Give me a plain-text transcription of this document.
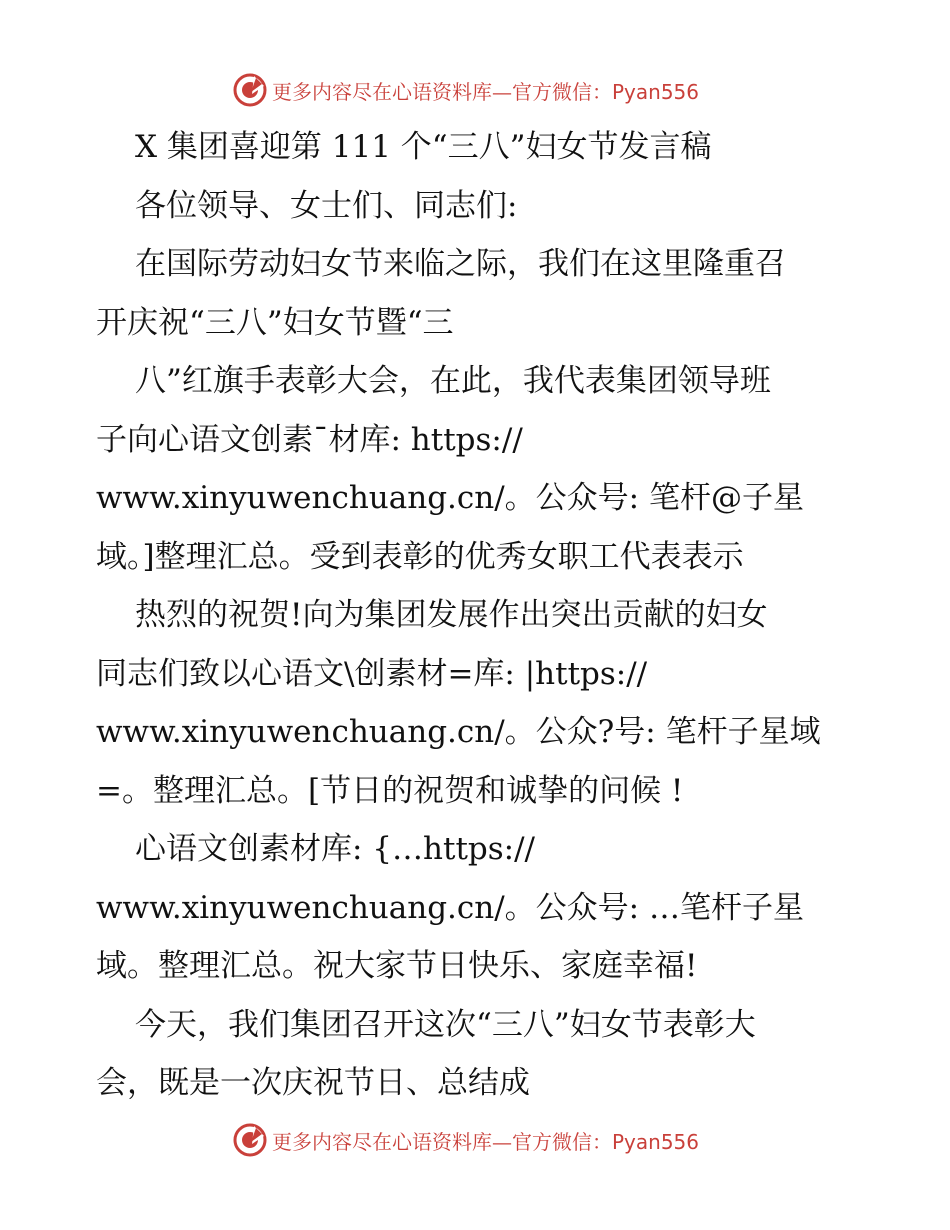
更多内容尽在心语资料库—官方微信：Pyan556
X 集团喜迎第 111 个“三八”妇女节发言稿
各位领导、女士们、同志们:
在国际劳动妇女节来临之际，我们在这里隆重召
开庆祝“三八”妇女节暨“三
八”红旗手表彰大会，在此，我代表集团领导班
子向心语文创素¯材库: https://
www.xinyuwenchuang.cn/。公众号: 笔杆@子星
域。]整理汇总。受到表彰的优秀女职工代表表示
热烈的祝贺!向为集团发展作出突出贡献的妇女
同志们致以心语文\创素材=库: |https://
www.xinyuwenchuang.cn/。公众?号: 笔杆子星域
=。整理汇总。[节日的祝贺和诚挚的问候 !
心语文创素材库: {…https://
www.xinyuwenchuang.cn/。公众号: …笔杆子星
域。整理汇总。祝大家节日快乐、家庭幸福!
今天，我们集团召开这次“三八”妇女节表彰大
会，既是一次庆祝节日、总结成
更多内容尽在心语资料库—官方微信：Pyan556
